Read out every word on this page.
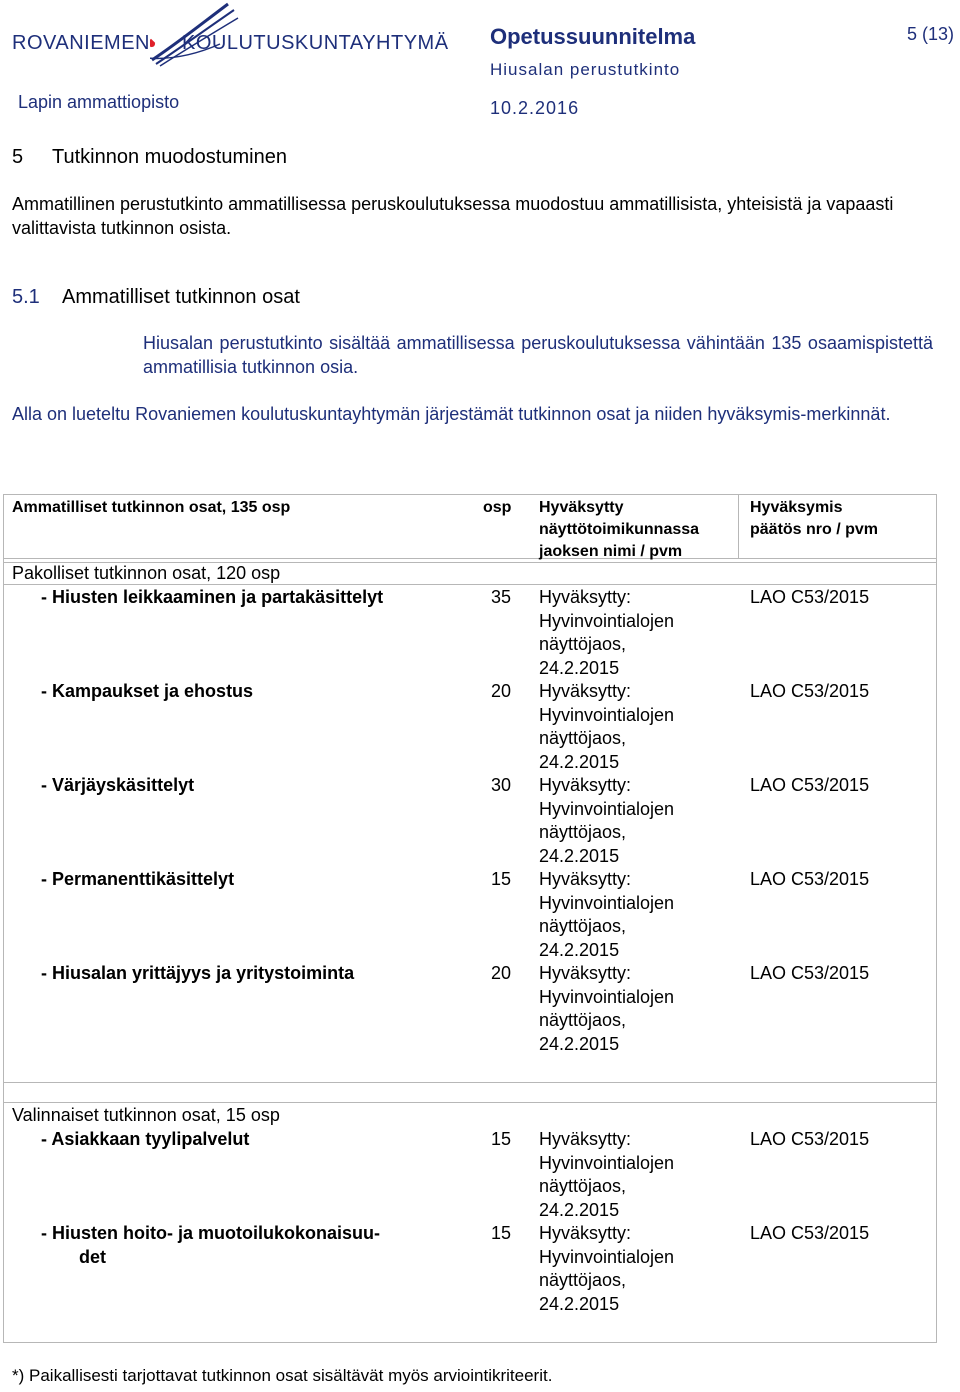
ROVANIEMEN KOULUTUSKUNTAYHTYMÄ
Lapin ammattiopisto
Opetussuunnitelma
Hiusalan perustutkinto
10.2.2016
5 (13)
5 Tutkinnon muodostuminen
Ammatillinen perustutkinto ammatillisessa peruskoulutuksessa muodostuu ammatillisista, yhteisistä ja vapaasti valittavista tutkinnon osista.
5.1 Ammatilliset tutkinnon osat
Hiusalan perustutkinto sisältää ammatillisessa peruskoulutuksessa vähintään 135 osaamispistettä ammatillisia tutkinnon osia.
Alla on lueteltu Rovaniemen koulutuskuntayhtymän järjestämät tutkinnon osat ja niiden hyväksymis-merkinnät.
Ammatilliset tutkinnon osat, 135 osp	osp Hyväksytty
näyttötoimikunnassa
jaoksen nimi / pvm
Hyväksymis
päätös nro / pvm
Pakolliset tutkinnon osat, 120 osp
- Hiusten leikkaaminen ja partakäsittelyt	35 Hyväksytty:
Hyvinvointialojen
näyttöjaos,
24.2.2015
LAO C53/2015
- Kampaukset ja ehostus	20 Hyväksytty:
Hyvinvointialojen
näyttöjaos,
24.2.2015
LAO C53/2015
- Värjäyskäsittelyt	30 Hyväksytty:
Hyvinvointialojen
näyttöjaos,
24.2.2015
LAO C53/2015
- Permanenttikäsittelyt	15 Hyväksytty:
Hyvinvointialojen
näyttöjaos,
24.2.2015
LAO C53/2015
- Hiusalan yrittäjyys ja yritystoiminta	20 Hyväksytty:
Hyvinvointialojen
näyttöjaos,
24.2.2015
LAO C53/2015
Valinnaiset tutkinnon osat, 15 osp
- Asiakkaan tyylipalvelut	15 Hyväksytty:
Hyvinvointialojen
näyttöjaos,
24.2.2015
LAO C53/2015
- Hiusten hoito- ja muotoilukokonaisuu-
det
15 Hyväksytty:
Hyvinvointialojen
näyttöjaos,
24.2.2015
LAO C53/2015
*) Paikallisesti tarjottavat tutkinnon osat sisältävät myös arviointikriteerit.
